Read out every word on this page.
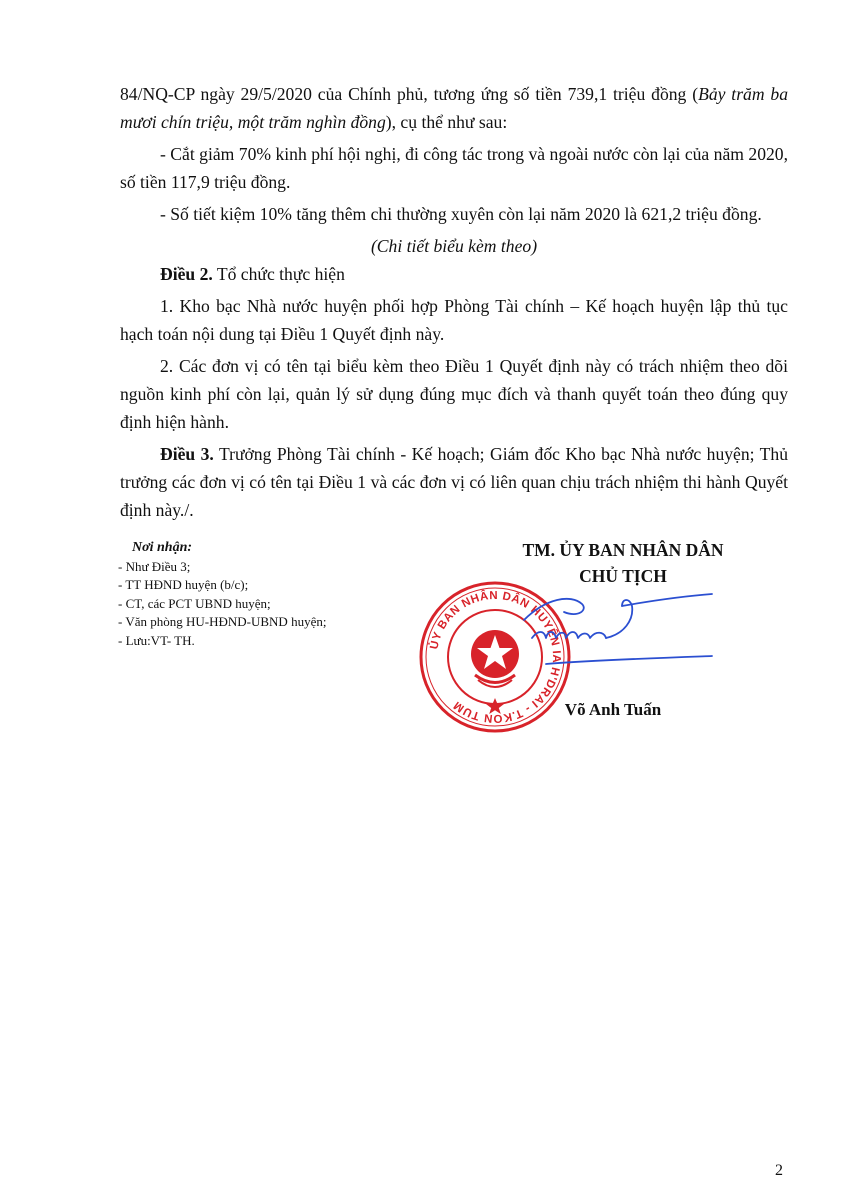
84/NQ-CP ngày 29/5/2020 của Chính phủ, tương ứng số tiền 739,1 triệu đồng (Bảy trăm ba mươi chín triệu, một trăm nghìn đồng), cụ thể như sau:

- Cắt giảm 70% kinh phí hội nghị, đi công tác trong và ngoài nước còn lại của năm 2020, số tiền 117,9 triệu đồng.

- Số tiết kiệm 10% tăng thêm chi thường xuyên còn lại năm 2020 là 621,2 triệu đồng.

(Chi tiết biểu kèm theo)

Điều 2. Tổ chức thực hiện

1. Kho bạc Nhà nước huyện phối hợp Phòng Tài chính – Kế hoạch huyện lập thủ tục hạch toán nội dung tại Điều 1 Quyết định này.

2. Các đơn vị có tên tại biểu kèm theo Điều 1 Quyết định này có trách nhiệm theo dõi nguồn kinh phí còn lại, quản lý sử dụng đúng mục đích và thanh quyết toán theo đúng quy định hiện hành.

Điều 3. Trưởng Phòng Tài chính - Kế hoạch; Giám đốc Kho bạc Nhà nước huyện; Thủ trưởng các đơn vị có tên tại Điều 1 và các đơn vị có liên quan chịu trách nhiệm thi hành Quyết định này./.

Nơi nhận:
- Như Điều 3;
- TT HĐND huyện (b/c);
- CT, các PCT UBND huyện;
- Văn phòng HU-HĐND-UBND huyện;
- Lưu:VT- TH.

TM. ỦY BAN NHÂN DÂN

CHỦ TỊCH

ỦY BAN NHÂN DÂN HUYỆN IA H'DRAI - T.KON TUM	Võ Anh Tuấn
2
